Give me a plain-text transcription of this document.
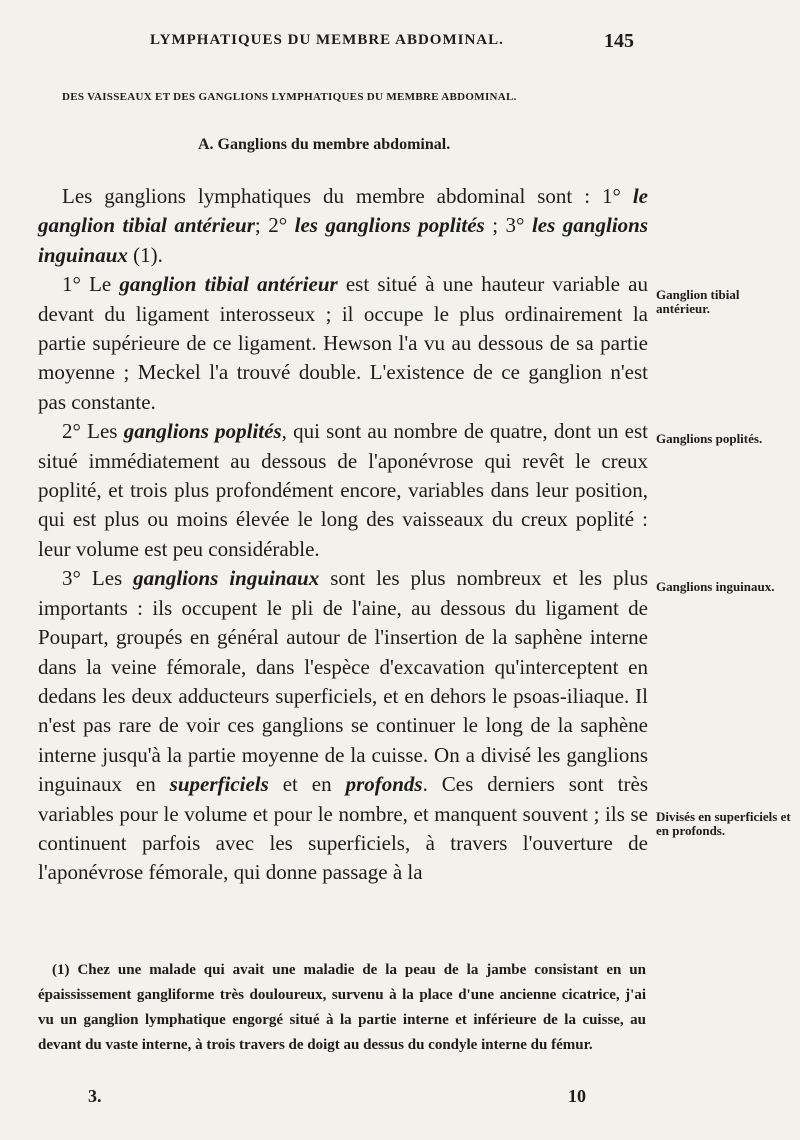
LYMPHATIQUES DU MEMBRE ABDOMINAL.	145
DES VAISSEAUX ET DES GANGLIONS LYMPHATIQUES DU MEMBRE ABDOMINAL.
A. Ganglions du membre abdominal.

Les ganglions lymphatiques du membre abdominal sont : 1° le ganglion tibial antérieur; 2° les ganglions poplités ; 3° les ganglions inguinaux (1).

1° Le ganglion tibial antérieur est situé à une hauteur variable au devant du ligament interosseux ; il occupe le plus ordinairement la partie supérieure de ce ligament. Hewson l'a vu au dessous de sa partie moyenne ; Meckel l'a trouvé double. L'existence de ce ganglion n'est pas constante.

2° Les ganglions poplités, qui sont au nombre de quatre, dont un est situé immédiatement au dessous de l'aponévrose qui revêt le creux poplité, et trois plus profondément encore, variables dans leur position, qui est plus ou moins élevée le long des vaisseaux du creux poplité : leur volume est peu considérable.

3° Les ganglions inguinaux sont les plus nombreux et les plus importants : ils occupent le pli de l'aine, au dessous du ligament de Poupart, groupés en général autour de l'insertion de la saphène interne dans la veine fémorale, dans l'espèce d'excavation qu'interceptent en dedans les deux adducteurs superficiels, et en dehors le psoas-iliaque. Il n'est pas rare de voir ces ganglions se continuer le long de la saphène interne jusqu'à la partie moyenne de la cuisse. On a divisé les ganglions inguinaux en superficiels et en profonds. Ces derniers sont très variables pour le volume et pour le nombre, et manquent souvent ; ils se continuent parfois avec les superficiels, à travers l'ouverture de l'aponévrose fémorale, qui donne passage à la

Ganglion tibial antérieur.
Ganglions poplités.
Ganglions inguinaux.
Divisés en superficiels et en profonds.

(1) Chez une malade qui avait une maladie de la peau de la jambe consistant en un épaississement gangliforme très douloureux, survenu à la place d'une ancienne cicatrice, j'ai vu un ganglion lymphatique engorgé situé à la partie interne et inférieure de la cuisse, au devant du vaste interne, à trois travers de doigt au dessus du condyle interne du fémur.

3.	10
